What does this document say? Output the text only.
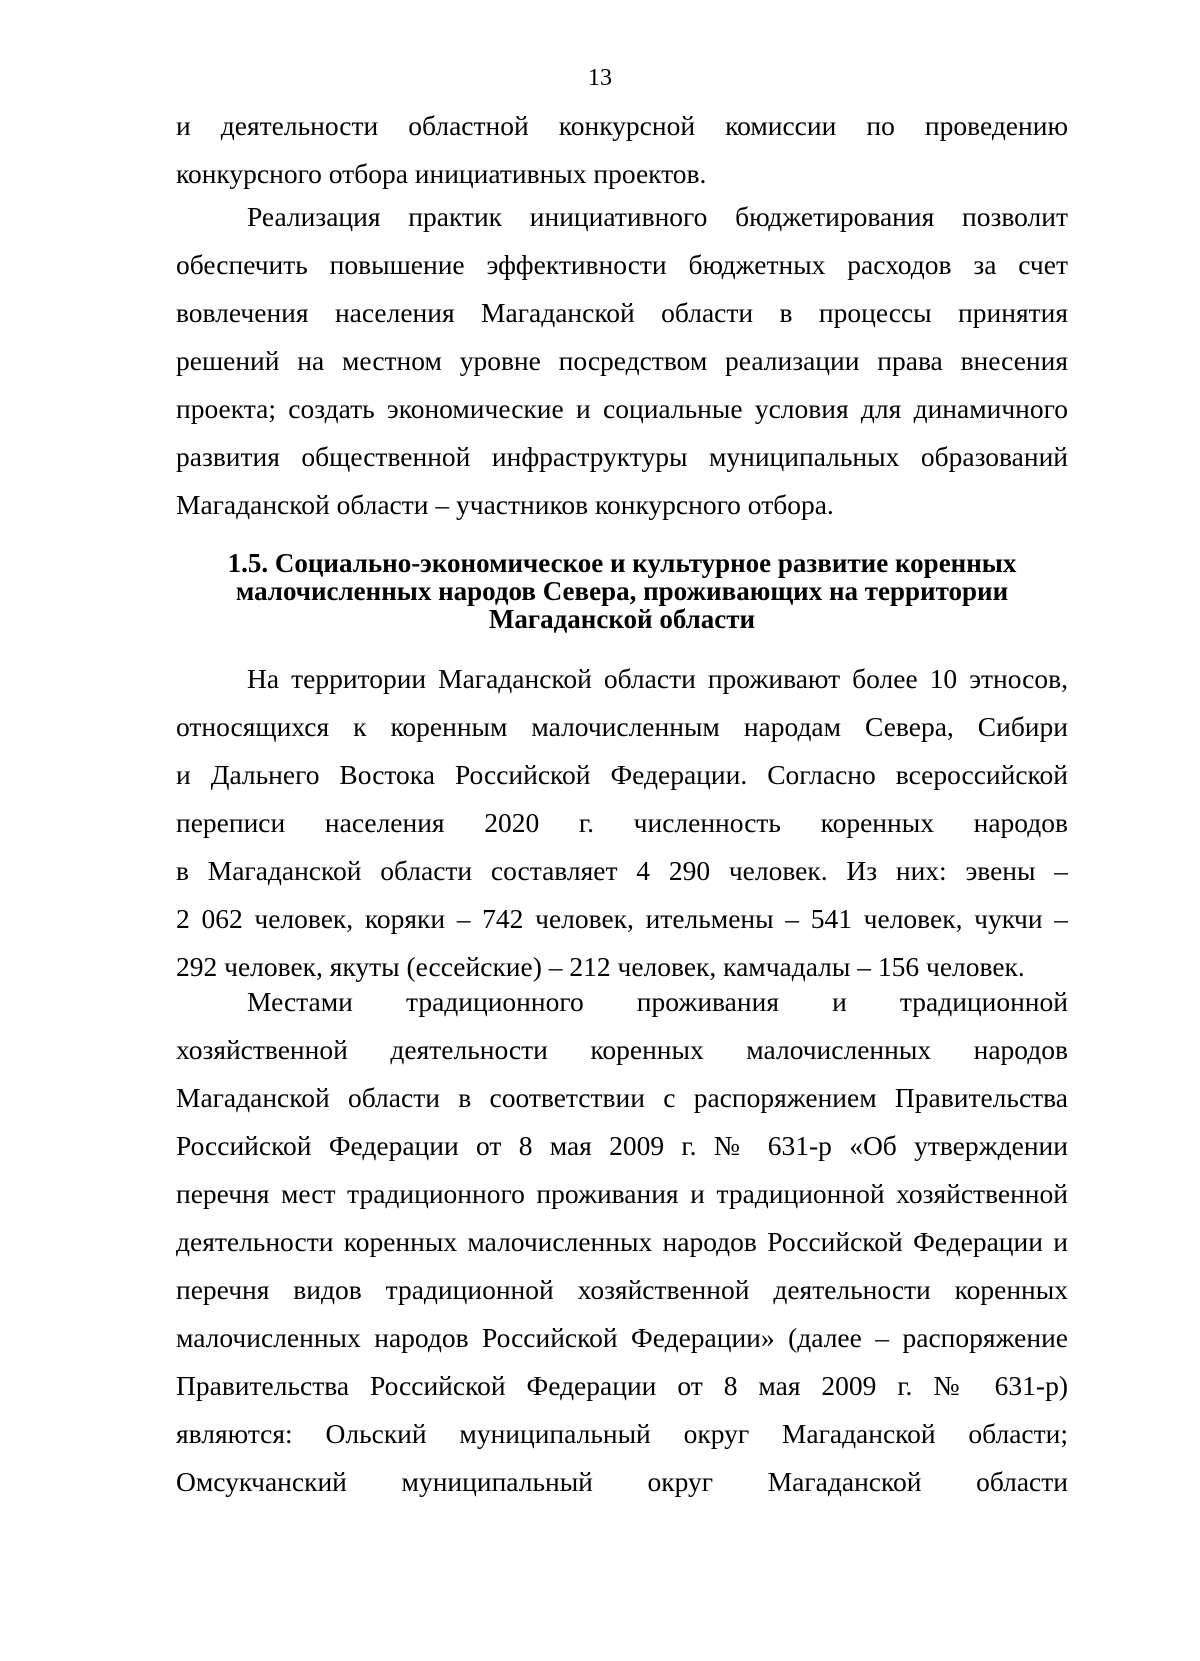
13
и деятельности областной конкурсной комиссии по проведению
конкурсного отбора инициативных проектов.
Реализация практик инициативного бюджетирования позволит
обеспечить повышение эффективности бюджетных расходов за счет
вовлечения населения Магаданской области в процессы принятия
решений на местном уровне посредством реализации права внесения
проекта; создать экономические и социальные условия для динамичного
развития общественной инфраструктуры муниципальных образований
Магаданской области – участников конкурсного отбора.
1.5. Социально-экономическое и культурное развитие коренных
малочисленных народов Севера, проживающих на территории
Магаданской области
На территории Магаданской области проживают более 10 этносов,
относящихся к коренным малочисленным народам Севера, Сибири
и Дальнего Востока Российской Федерации. Согласно всероссийской
переписи населения 2020 г. численность коренных народов
в Магаданской области составляет 4 290 человек. Из них: эвены –
2 062 человек, коряки – 742 человек, ительмены – 541 человек, чукчи –
292 человек, якуты (ессейские) – 212 человек, камчадалы – 156 человек.
Местами традиционного проживания и традиционной
хозяйственной деятельности коренных малочисленных народов
Магаданской области в соответствии с распоряжением Правительства
Российской Федерации от 8 мая 2009 г. № 631-р «Об утверждении
перечня мест традиционного проживания и традиционной хозяйственной
деятельности коренных малочисленных народов Российской Федерации и
перечня видов традиционной хозяйственной деятельности коренных
малочисленных народов Российской Федерации» (далее – распоряжение
Правительства Российской Федерации от 8 мая 2009 г. № 631-р)
являются: Ольский муниципальный округ Магаданской области;
Омсукчанский муниципальный округ Магаданской области
